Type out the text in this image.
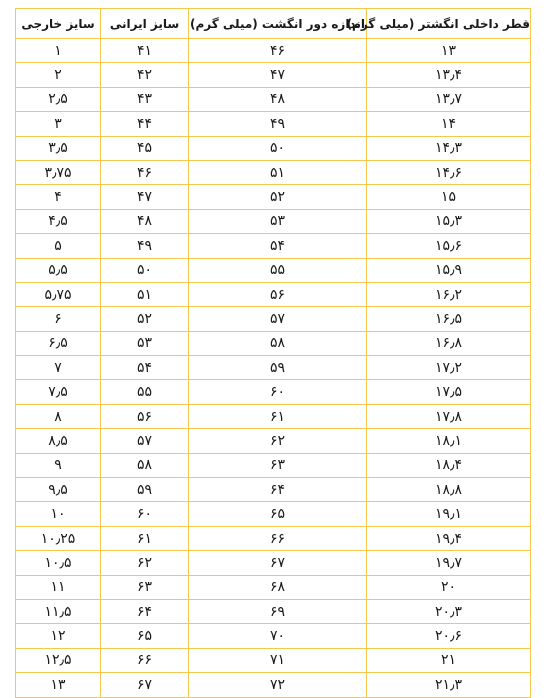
قطر داخلی انگشتر (میلی گرم)	اندازه دور انگشت (میلی گرم)	سایز ایرانی	سایز خارجی
۱۳	۴۶	۴۱	۱
۱۳٫۴	۴۷	۴۲	۲
۱۳٫۷	۴۸	۴۳	۲٫۵
۱۴	۴۹	۴۴	۳
۱۴٫۳	۵۰	۴۵	۳٫۵
۱۴٫۶	۵۱	۴۶	۳٫۷۵
۱۵	۵۲	۴۷	۴
۱۵٫۳	۵۳	۴۸	۴٫۵
۱۵٫۶	۵۴	۴۹	۵
۱۵٫۹	۵۵	۵۰	۵٫۵
۱۶٫۲	۵۶	۵۱	۵٫۷۵
۱۶٫۵	۵۷	۵۲	۶
۱۶٫۸	۵۸	۵۳	۶٫۵
۱۷٫۲	۵۹	۵۴	۷
۱۷٫۵	۶۰	۵۵	۷٫۵
۱۷٫۸	۶۱	۵۶	۸
۱۸٫۱	۶۲	۵۷	۸٫۵
۱۸٫۴	۶۳	۵۸	۹
۱۸٫۸	۶۴	۵۹	۹٫۵
۱۹٫۱	۶۵	۶۰	۱۰
۱۹٫۴	۶۶	۶۱	۱۰٫۲۵
۱۹٫۷	۶۷	۶۲	۱۰٫۵
۲۰	۶۸	۶۳	۱۱
۲۰٫۳	۶۹	۶۴	۱۱٫۵
۲۰٫۶	۷۰	۶۵	۱۲
۲۱	۷۱	۶۶	۱۲٫۵
۲۱٫۳	۷۲	۶۷	۱۳
